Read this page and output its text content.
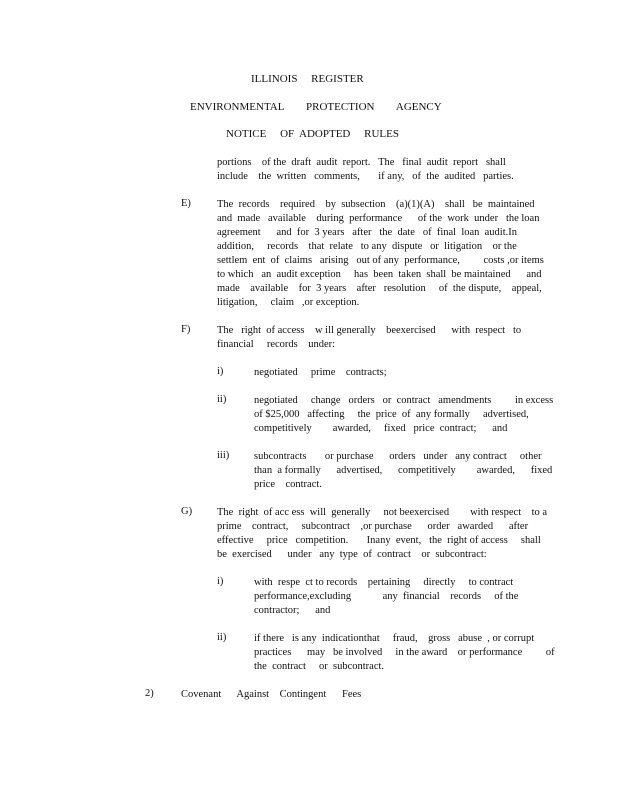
ILLINOIS     REGISTER
ENVIRONMENTAL        PROTECTION        AGENCY
NOTICE     OF  ADOPTED     RULES
portions    of the  draft  audit  report.   The   final  audit  report   shall
include    the  written   comments,       if any,   of  the  audited   parties.
E) The  records    required    by  subsection    (a)(1)(A)    shall   be  maintained
and  made   available    during  performance      of the  work  under   the loan
agreement      and  for  3 years   after   the  date   of  final  loan  audit.In
addition,     records    that  relate   to any  dispute   or  litigation    or the
settlem  ent  of  claims   arising   out of any  performance,         costs ,or items
to which   an  audit exception     has  been  taken  shall  be maintained      and
made    available    for  3 years    after   resolution     of  the dispute,    appeal,
litigation,     claim   ,or exception.
F)	The   right  of access    w ill generally    beexercised      with  respect   to
financial     records    under:
i)	negotiated     prime    contracts;
ii)	negotiated     change   orders   or  contract   amendments         in excess
of $25,000   affecting     the  price  of  any formally     advertised,
competitively        awarded,     fixed   price  contract;      and
iii) subcontracts       or purchase      orders   under   any contract     other
than  a formally      advertised,      competitively        awarded,      fixed
price    contract.
G) The  right  of acc ess  will  generally     not beexercised        with respect    to a
prime    contract,     subcontract    ,or purchase      order   awarded      after
effective     price   competition.       Inany  event,   the  right of access     shall
be  exercised      under   any  type  of  contract    or  subcontract:
i)	with  respe  ct to records    pertaining     directly     to contract
performance,excluding            any  financial    records     of the
contractor;      and
ii)	if there   is any  indicationthat     fraud,    gross   abuse  , or corrupt
practices      may   be involved     in the award    or performance         of
the  contract     or  subcontract.
2)	Covenant      Against    Contingent      Fees
